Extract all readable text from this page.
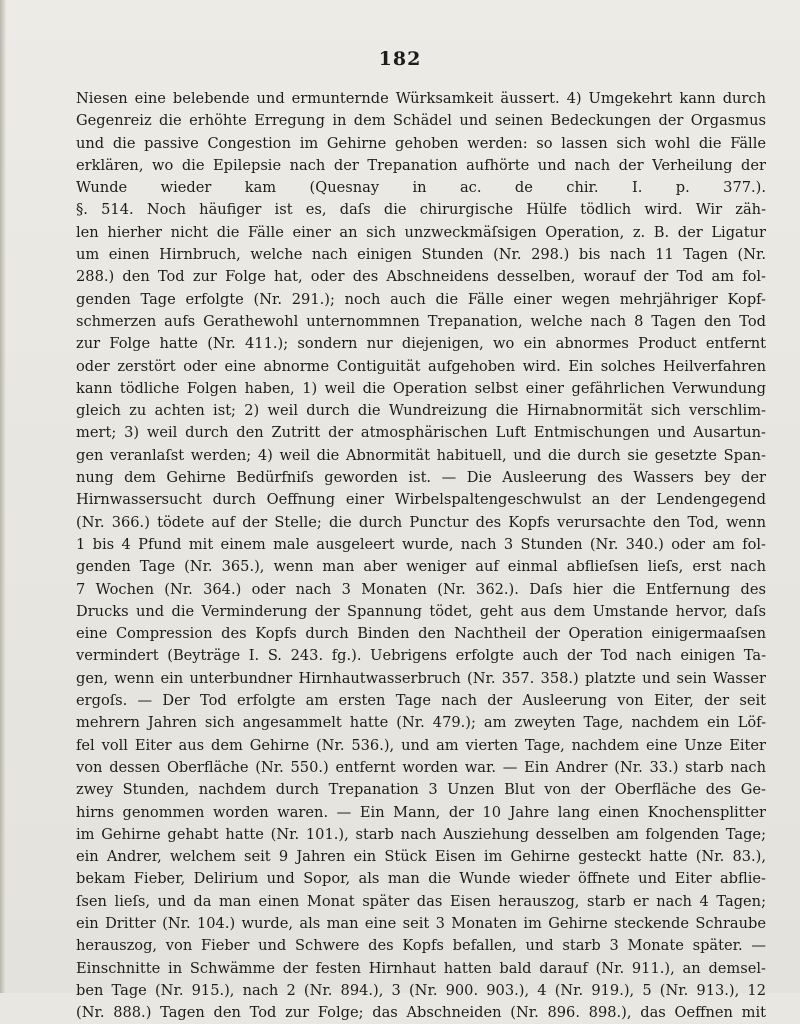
182
Niesen eine belebende und ermunternde Würksamkeit äussert. 4) Umgekehrt kann durch
Gegenreiz die erhöhte Erregung in dem Schädel und seinen Bedeckungen der Orgasmus
und die passive Congestion im Gehirne gehoben werden: so lassen sich wohl die Fälle
erklären, wo die Epilepsie nach der Trepanation aufhörte und nach der Verheilung der
Wunde wieder kam (Quesnay in ac. de chir. I. p. 377.).
§. 514. Noch häufiger ist es, daſs die chirurgische Hülfe tödlich wird. Wir zäh-
len hierher nicht die Fälle einer an sich unzweckmäſsigen Operation, z. B. der Ligatur
um einen Hirnbruch, welche nach einigen Stunden (Nr. 298.) bis nach 11 Tagen (Nr.
288.) den Tod zur Folge hat, oder des Abschneidens desselben, worauf der Tod am fol-
genden Tage erfolgte (Nr. 291.); noch auch die Fälle einer wegen mehrjähriger Kopf-
schmerzen aufs Gerathewohl unternommnen Trepanation, welche nach 8 Tagen den Tod
zur Folge hatte (Nr. 411.); sondern nur diejenigen, wo ein abnormes Product entfernt
oder zerstört oder eine abnorme Contiguität aufgehoben wird. Ein solches Heilverfahren
kann tödliche Folgen haben, 1) weil die Operation selbst einer gefährlichen Verwundung
gleich zu achten ist; 2) weil durch die Wundreizung die Hirnabnormität sich verschlim-
mert; 3) weil durch den Zutritt der atmosphärischen Luft Entmischungen und Ausartun-
gen veranlaſst werden; 4) weil die Abnormität habituell, und die durch sie gesetzte Span-
nung dem Gehirne Bedürfniſs geworden ist. — Die Ausleerung des Wassers bey der
Hirnwassersucht durch Oeffnung einer Wirbelspaltengeschwulst an der Lendengegend
(Nr. 366.) tödete auf der Stelle; die durch Punctur des Kopfs verursachte den Tod, wenn
1 bis 4 Pfund mit einem male ausgeleert wurde, nach 3 Stunden (Nr. 340.) oder am fol-
genden Tage (Nr. 365.), wenn man aber weniger auf einmal abflieſsen lieſs, erst nach
7 Wochen (Nr. 364.) oder nach 3 Monaten (Nr. 362.). Daſs hier die Entfernung des
Drucks und die Verminderung der Spannung tödet, geht aus dem Umstande hervor, daſs
eine Compression des Kopfs durch Binden den Nachtheil der Operation einigermaaſsen
vermindert (Beyträge I. S. 243. fg.). Uebrigens erfolgte auch der Tod nach einigen Ta-
gen, wenn ein unterbundner Hirnhautwasserbruch (Nr. 357. 358.) platzte und sein Wasser
ergoſs. — Der Tod erfolgte am ersten Tage nach der Ausleerung von Eiter, der seit
mehrern Jahren sich angesammelt hatte (Nr. 479.); am zweyten Tage, nachdem ein Löf-
fel voll Eiter aus dem Gehirne (Nr. 536.), und am vierten Tage, nachdem eine Unze Eiter
von dessen Oberfläche (Nr. 550.) entfernt worden war. — Ein Andrer (Nr. 33.) starb nach
zwey Stunden, nachdem durch Trepanation 3 Unzen Blut von der Oberfläche des Ge-
hirns genommen worden waren. — Ein Mann, der 10 Jahre lang einen Knochensplitter
im Gehirne gehabt hatte (Nr. 101.), starb nach Ausziehung desselben am folgenden Tage;
ein Andrer, welchem seit 9 Jahren ein Stück Eisen im Gehirne gesteckt hatte (Nr. 83.),
bekam Fieber, Delirium und Sopor, als man die Wunde wieder öffnete und Eiter abflie-
ſsen lieſs, und da man einen Monat später das Eisen herauszog, starb er nach 4 Tagen;
ein Dritter (Nr. 104.) wurde, als man eine seit 3 Monaten im Gehirne steckende Schraube
herauszog, von Fieber und Schwere des Kopfs befallen, und starb 3 Monate später. —
Einschnitte in Schwämme der festen Hirnhaut hatten bald darauf (Nr. 911.), an demsel-
ben Tage (Nr. 915.), nach 2 (Nr. 894.), 3 (Nr. 900. 903.), 4 (Nr. 919.), 5 (Nr. 913.), 12
(Nr. 888.) Tagen den Tod zur Folge; das Abschneiden (Nr. 896. 898.), das Oeffnen mit
